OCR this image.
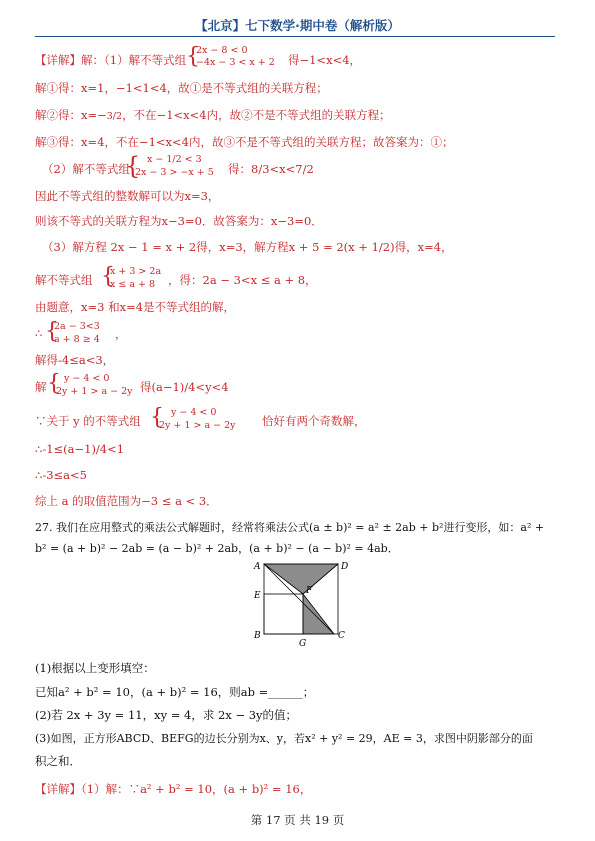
【北京】七下数学·期中卷（解析版）
【详解】解：（1）解不等式组 {
2x − 8 < 0
−4x − 3 < x + 2 得−1<x<4，
解①得：x=1，−1<1<4，故①是不等式组的关联方程；
解②得：x=−3/2，不在−1<x<4内，故②不是不等式组的关联方程；
解③得：x=4，不在−1<x<4内，故③不是不等式组的关联方程；故答案为：①；
（2）解不等式组
{ x − 1/2 < 3
2x − 3 > −x + 5 得：8/3<x<7/2
因此不等式组的整数解可以为x=3，
则该不等式的关联方程为x−3=0．故答案为：x−3=0．
（3）解方程 2x − 1 = x + 2得，x=3，解方程x + 5 = 2(x + 1/2)得，x=4，
解不等式组 {
x + 3 > 2a
x ≤ a + 8	，得：2a − 3<x ≤ a + 8，
由题意，x=3 和x=4是不等式组的解，
∴ {
2a − 3<3
a + 8 ≥ 4 ，
解得-4≤a<3，
解 { y − 4 < 0
2y + 1 > a − 2y 得(a−1)/4<y<4
∵关于 y 的不等式组 { y − 4 < 0
2y + 1 > a − 2y 恰好有两个奇数解，
∴-1≤(a−1)/4<1
∴-3≤a<5
综上 a 的取值范围为−3 ≤ a < 3．
27. 我们在应用整式的乘法公式解题时，经常将乘法公式(a ± b)² = a² ± 2ab + b²进行变形，如：a² +
b² = (a + b)² − 2ab = (a − b)² + 2ab，(a + b)² − (a − b)² = 4ab．
A	D
E	F
B
G
C
(1)根据以上变形填空：
已知a² + b² = 10，(a + b)² = 16，则ab =______；
(2)若 2x + 3y = 11，xy = 4，求 2x − 3y的值；
(3)如图，正方形ABCD、BEFG的边长分别为x、y，若x² + y² = 29，AE = 3，求图中阴影部分的面
积之和．
【详解】（1）解：∵a² + b² = 10，(a + b)² = 16，
第 17 页 共 19 页
